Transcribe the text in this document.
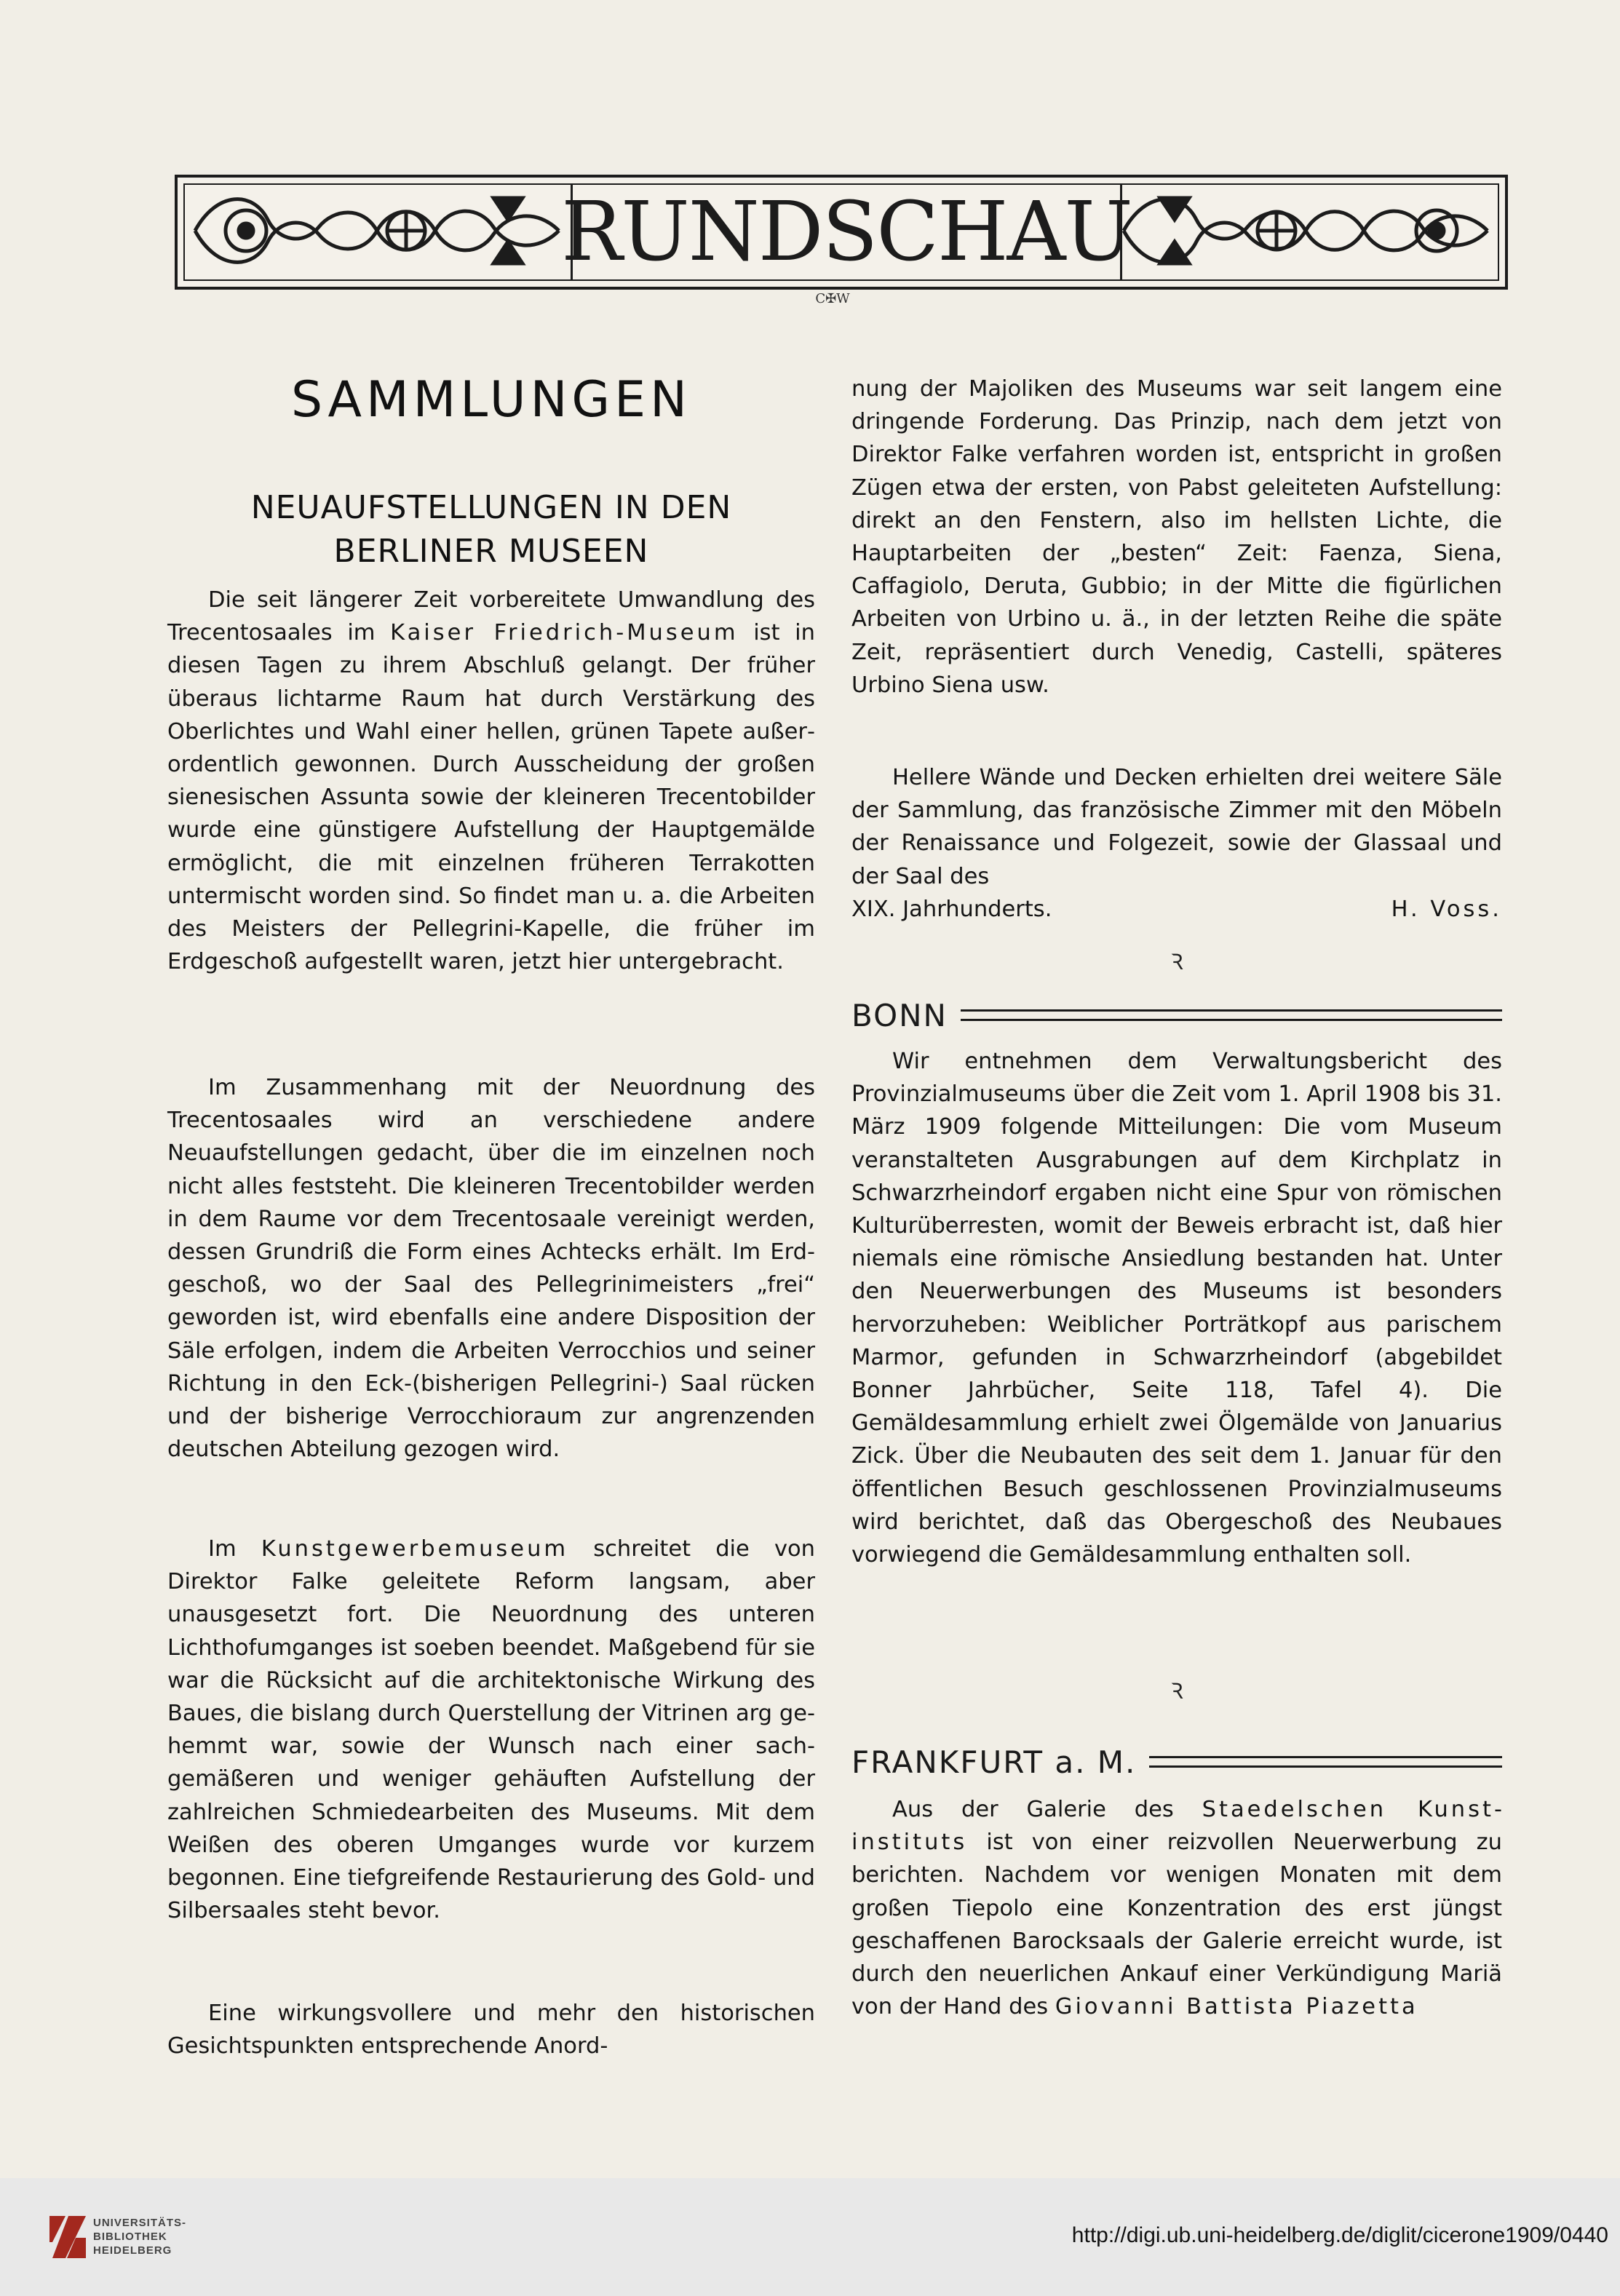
RUNDSCHAU
C✠W
SAMMLUNGEN
NEUAUFSTELLUNGEN IN DEN BERLINER MUSEEN

Die seit längerer Zeit vorbereitete Umwandlung des Trecentosaales im Kaiser Friedrich-Museum ist in diesen Tagen zu ihrem Abschluß gelangt. Der früher überaus lichtarme Raum hat durch Verstärkung des Oberlichtes und Wahl einer hellen, grünen Tapete außerordentlich gewonnen. Durch Ausscheidung der großen sienesischen Assunta sowie der kleineren Trecentobilder wurde eine günstigere Aufstellung der Hauptgemälde ermöglicht, die mit einzelnen früheren Terrakotten untermischt worden sind. So findet man u. a. die Arbeiten des Meisters der Pellegrini-Kapelle, die früher im Erdgeschoß aufgestellt waren, jetzt hier untergebracht.

Im Zusammenhang mit der Neuordnung des Trecentosaales wird an verschiedene andere Neuaufstellungen gedacht, über die im einzelnen noch nicht alles feststeht. Die kleineren Trecentobilder werden in dem Raume vor dem Trecentosaale vereinigt werden, dessen Grundriß die Form eines Achtecks erhält. Im Erdgeschoß, wo der Saal des Pellegrinimeisters „frei“ geworden ist, wird ebenfalls eine andere Disposition der Säle erfolgen, indem die Arbeiten Verrocchios und seiner Richtung in den Eck-(bisherigen Pellegrini-) Saal rücken und der bisherige Verrocchioraum zur angrenzenden deutschen Abteilung gezogen wird.

Im Kunstgewerbemuseum schreitet die von Direktor Falke geleitete Reform langsam, aber unausgesetzt fort. Die Neuordnung des unteren Lichthofumganges ist soeben beendet. Maßgebend für sie war die Rücksicht auf die architektonische Wirkung des Baues, die bislang durch Querstellung der Vitrinen arg gehemmt war, sowie der Wunsch nach einer sachgemäßeren und weniger gehäuften Aufstellung der zahlreichen Schmiedearbeiten des Museums. Mit dem Weißen des oberen Umganges wurde vor kurzem begonnen. Eine tiefgreifende Restaurierung des Gold- und Silbersaales steht bevor.

Eine wirkungsvollere und mehr den historischen Gesichtspunkten entsprechende Anord-

nung der Majoliken des Museums war seit langem eine dringende Forderung. Das Prinzip, nach dem jetzt von Direktor Falke verfahren worden ist, entspricht in großen Zügen etwa der ersten, von Pabst geleiteten Aufstellung: direkt an den Fenstern, also im hellsten Lichte, die Hauptarbeiten der „besten“ Zeit: Faenza, Siena, Caffagiolo, Deruta, Gubbio; in der Mitte die figürlichen Arbeiten von Urbino u. ä., in der letzten Reihe die späte Zeit, repräsentiert durch Venedig, Castelli, späteres Urbino Siena usw.

Hellere Wände und Decken erhielten drei weitere Säle der Sammlung, das französische Zimmer mit den Möbeln der Renaissance und Folgezeit, sowie der Glassaal und der Saal des
XIX. Jahrhunderts.	H. Voss.

Ꝛ
BONN

Wir entnehmen dem Verwaltungsbericht des Provinzialmuseums über die Zeit vom 1. April 1908 bis 31. März 1909 folgende Mitteilungen: Die vom Museum veranstalteten Ausgrabungen auf dem Kirchplatz in Schwarzrheindorf ergaben nicht eine Spur von römischen Kulturüberresten, womit der Beweis erbracht ist, daß hier niemals eine römische Ansiedlung bestanden hat. Unter den Neuerwerbungen des Museums ist besonders hervorzuheben: Weiblicher Porträtkopf aus parischem Marmor, gefunden in Schwarzrheindorf (abgebildet Bonner Jahrbücher, Seite 118, Tafel 4). Die Gemäldesammlung erhielt zwei Ölgemälde von Januarius Zick. Über die Neubauten des seit dem 1. Januar für den öffentlichen Besuch geschlossenen Provinzialmuseums wird berichtet, daß das Obergeschoß des Neubaues vorwiegend die Gemäldesammlung enthalten soll.

Ꝛ
FRANKFURT a. M.

Aus der Galerie des Staedelschen Kunstinstituts ist von einer reizvollen Neuerwerbung zu berichten. Nachdem vor wenigen Monaten mit dem großen Tiepolo eine Konzentration des erst jüngst geschaffenen Barocksaals der Galerie erreicht wurde, ist durch den neuerlichen Ankauf einer Verkündigung Mariä von der Hand des Giovanni Battista Piazetta

UNIVERSITÄTS-
BIBLIOTHEK
HEIDELBERG
http://digi.ub.uni-heidelberg.de/diglit/cicerone1909/0440
